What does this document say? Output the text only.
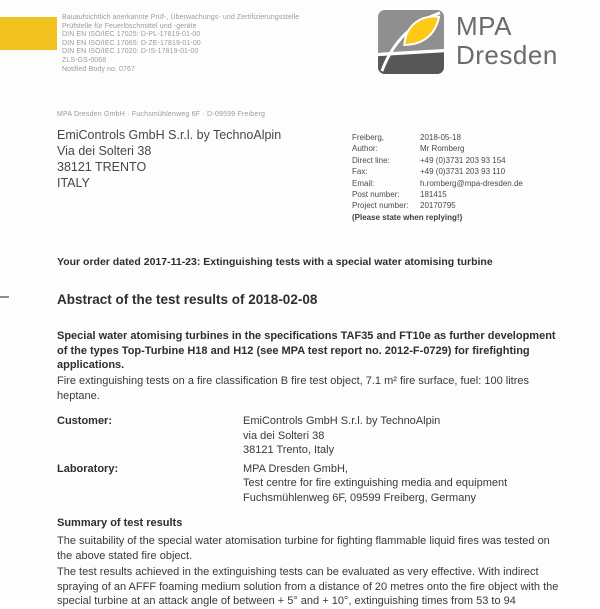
Bauaufsichtlich anerkannte Prüf-, Überwachungs- und Zertifizierungsstelle
Prüfstelle für Feuerlöschmittel und -geräte
DIN EN ISO/IEC 17025: D-PL-17819-01-00
DIN EN ISO/IEC 17065: D-ZE-17819-01-00
DIN EN ISO/IEC 17020: D-IS-17819-01-00
ZLS-GS-0068
Notified Body no. 0767
MPA
Dresden
MPA Dresden GmbH · Fuchsmühlenweg 6F · D-09599 Freiberg
EmiControls GmbH S.r.l. by TechnoAlpin
Via dei Solteri 38
38121 TRENTO
ITALY
Freiberg,	2018-05-18
Author:	Mr Romberg
Direct line:	+49 (0)3731 203 93 154
Fax:	+49 (0)3731 203 93 110
Email:	h.romberg@mpa-dresden.de
Post number:	181415
Project number:	20170795
(Please state when replying!)
Your order dated 2017-11-23: Extinguishing tests with a special water atomising turbine
Abstract of the test results of 2018-02-08
Special water atomising turbines in the specifications TAF35 and FT10e as further development of the types Top-Turbine H18 and H12 (see MPA test report no. 2012-F-0729) for firefighting applications.
Fire extinguishing tests on a fire classification B fire test object, 7.1 m² fire surface, fuel: 100 litres heptane.
Customer:	EmiControls GmbH S.r.l. by TechnoAlpin
via dei Solteri 38
38121 Trento, Italy
Laboratory:	MPA Dresden GmbH,
Test centre for fire extinguishing media and equipment
Fuchsmühlenweg 6F, 09599 Freiberg, Germany
Summary of test results
The suitability of the special water atomisation turbine for fighting flammable liquid fires was tested on the above stated fire object.
The test results achieved in the extinguishing tests can be evaluated as very effective. With indirect spraying of an AFFF foaming medium solution from a distance of 20 metres onto the fire object with the special turbine at an attack angle of between + 5° and + 10°, extinguishing times from 53 to 94
